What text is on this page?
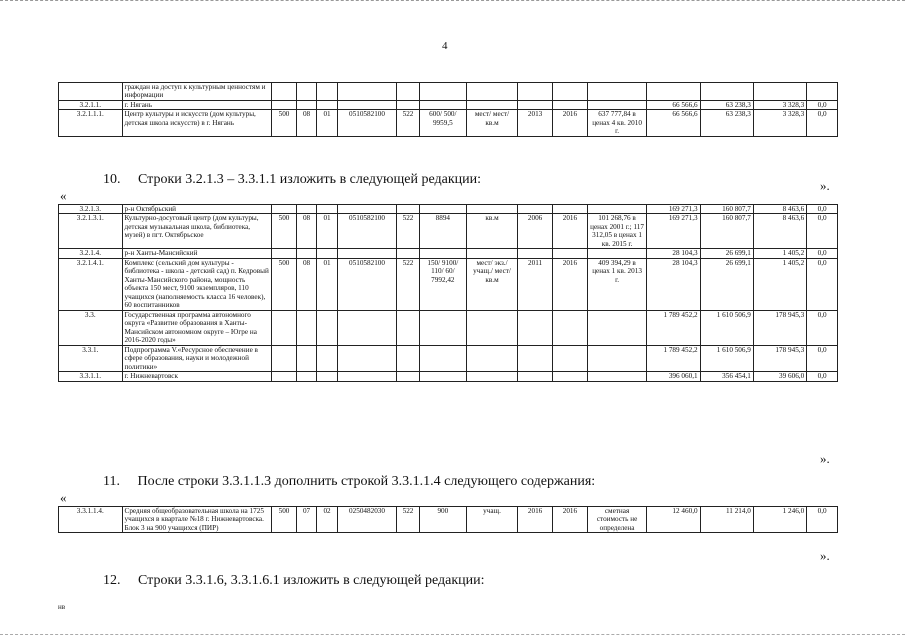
4
	граждан на доступ к культурным ценностям и информации														
3.2.1.1.	г. Нягань											66 566,6	63 238,3	3 328,3	0,0
3.2.1.1.1.	Центр культуры и искусств (дом культуры, детская школа искусств) в г. Нягань	500	08	01	0510582100	522	600/ 500/ 9959,5	мест/ мест/ кв.м	2013	2016	637 777,84 в ценах 4 кв. 2010 г.	66 566,6	63 238,3	3 328,3	0,0
».
10. Строки 3.2.1.3 – 3.3.1.1 изложить в следующей редакции:
«
3.2.1.3.	р-н Октябрьский											169 271,3	160 807,7	8 463,6	0,0
3.2.1.3.1.	Культурно-досуговый центр (дом культуры, детская музыкальная школа, библиотека, музей) в пгт. Октябрьское	500	08	01	0510582100	522	8894	кв.м	2006	2016	101 268,76 в ценах 2001 г.; 117 312,05 в ценах 1 кв. 2015 г.	169 271,3	160 807,7	8 463,6	0,0
3.2.1.4.	р-н Ханты-Мансийский											28 104,3	26 699,1	1 405,2	0,0
3.2.1.4.1.	Комплекс (сельский дом культуры - библиотека - школа - детский сад) п. Кедровый Ханты-Мансийского района, мощность объекта 150 мест, 9100 экземпляров, 110 учащихся (наполняемость класса 16 человек), 60 воспитанников	500	08	01	0510582100	522	150/ 9100/ 110/ 60/ 7992,42	мест/ экз./ учащ./ мест/ кв.м	2011	2016	409 394,29 в ценах 1 кв. 2013 г.	28 104,3	26 699,1	1 405,2	0,0
3.3.	Государственная программа автономного округа «Развитие образования в Ханты-Мансийском автономном округе – Югре на 2016-2020 годы»											1 789 452,2	1 610 506,9	178 945,3	0,0
3.3.1.	Подпрограмма V.«Ресурсное обеспечение в сфере образования, науки и молодежной политики»											1 789 452,2	1 610 506,9	178 945,3	0,0
3.3.1.1.	г. Нижневартовск											396 060,1	356 454,1	39 606,0	0,0
».
11. После строки 3.3.1.1.3 дополнить строкой 3.3.1.1.4 следующего содержания:
«
3.3.1.1.4.	Средняя общеобразовательная школа на 1725 учащихся в квартале №18 г. Нижневартовска. Блок 3 на 900 учащихся (ПИР)	500	07	02	0250482030	522	900	учащ.	2016	2016	сметная стоимость не определена	12 460,0	11 214,0	1 246,0	0,0
».
12. Строки 3.3.1.6, 3.3.1.6.1 изложить в следующей редакции:
нв
